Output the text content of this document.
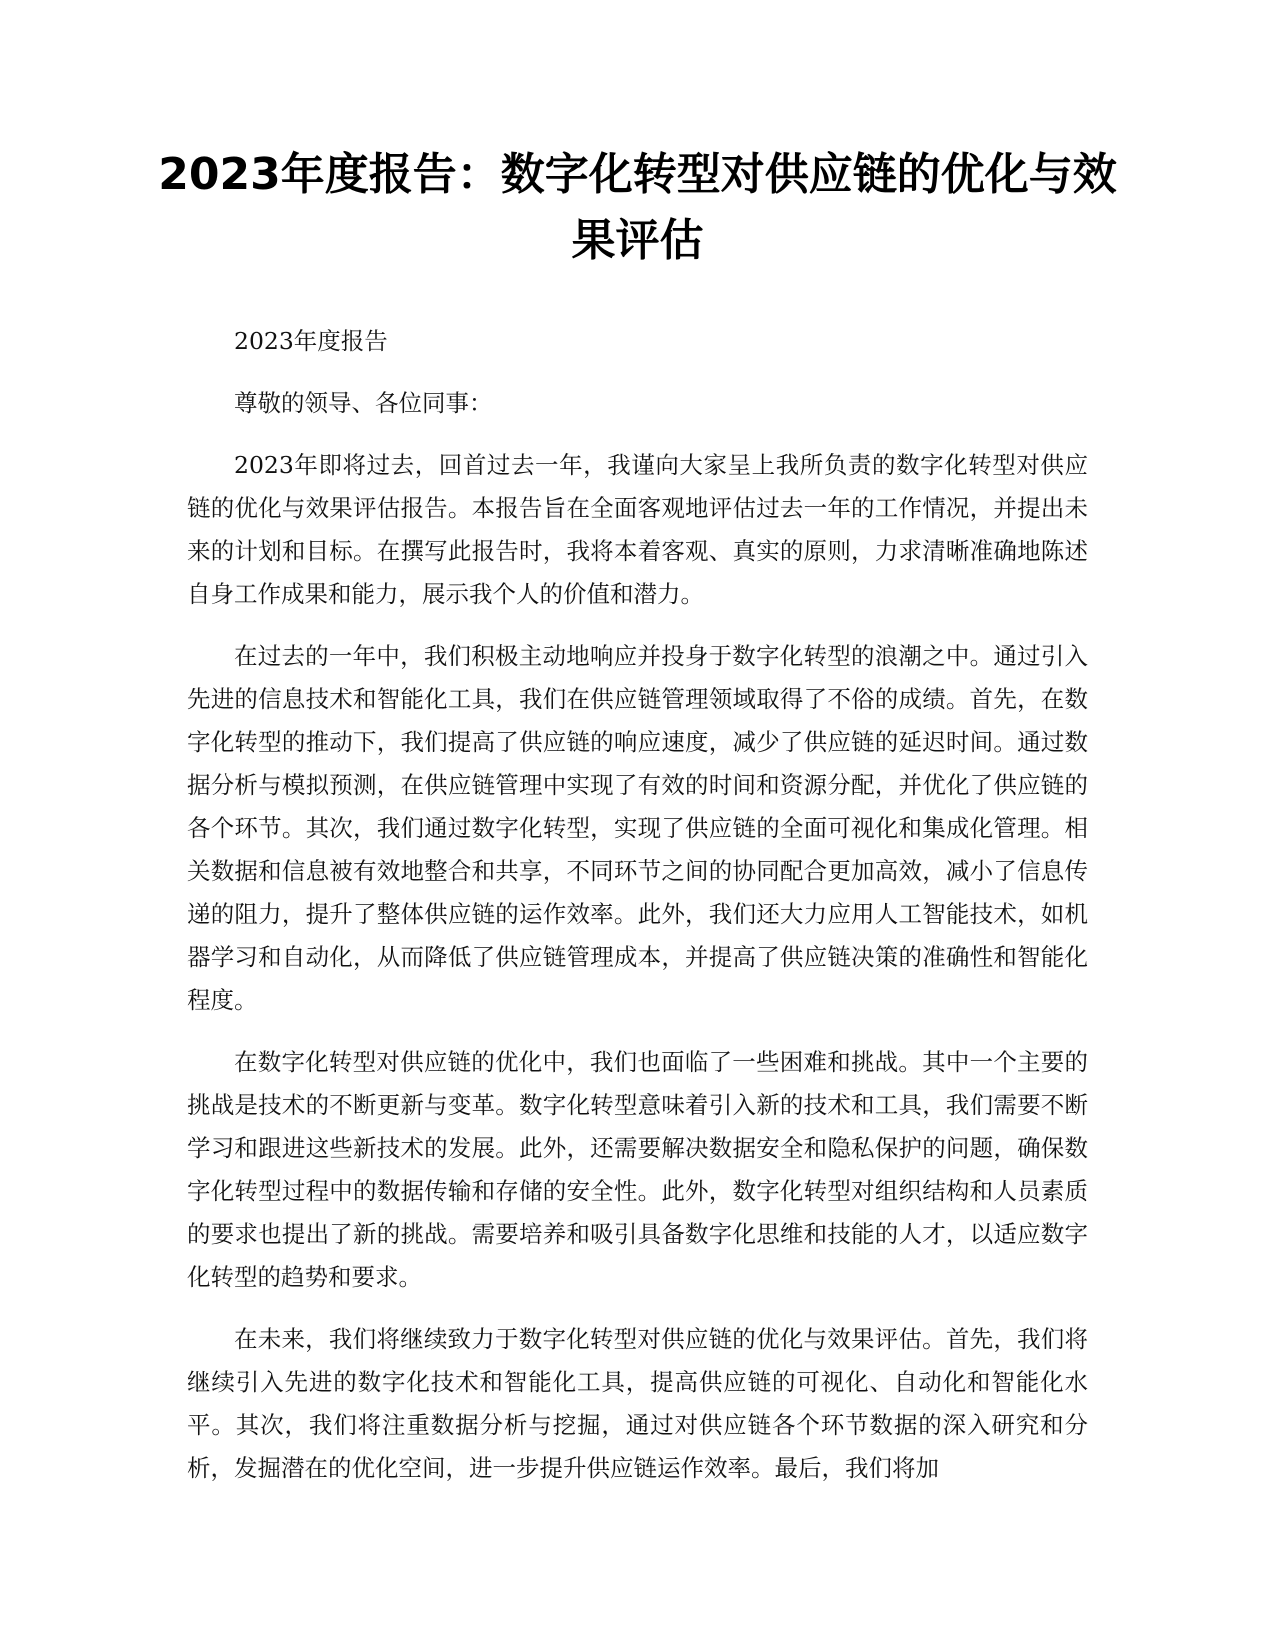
2023年度报告：数字化转型对供应链的优化与效果评估

2023年度报告

尊敬的领导、各位同事：

2023年即将过去，回首过去一年，我谨向大家呈上我所负责的数字化转型对供应链的优化与效果评估报告。本报告旨在全面客观地评估过去一年的工作情况，并提出未来的计划和目标。在撰写此报告时，我将本着客观、真实的原则，力求清晰准确地陈述自身工作成果和能力，展示我个人的价值和潜力。

在过去的一年中，我们积极主动地响应并投身于数字化转型的浪潮之中。通过引入先进的信息技术和智能化工具，我们在供应链管理领域取得了不俗的成绩。首先，在数字化转型的推动下，我们提高了供应链的响应速度，减少了供应链的延迟时间。通过数据分析与模拟预测，在供应链管理中实现了有效的时间和资源分配，并优化了供应链的各个环节。其次，我们通过数字化转型，实现了供应链的全面可视化和集成化管理。相关数据和信息被有效地整合和共享，不同环节之间的协同配合更加高效，减小了信息传递的阻力，提升了整体供应链的运作效率。此外，我们还大力应用人工智能技术，如机器学习和自动化，从而降低了供应链管理成本，并提高了供应链决策的准确性和智能化程度。

在数字化转型对供应链的优化中，我们也面临了一些困难和挑战。其中一个主要的挑战是技术的不断更新与变革。数字化转型意味着引入新的技术和工具，我们需要不断学习和跟进这些新技术的发展。此外，还需要解决数据安全和隐私保护的问题，确保数字化转型过程中的数据传输和存储的安全性。此外，数字化转型对组织结构和人员素质的要求也提出了新的挑战。需要培养和吸引具备数字化思维和技能的人才，以适应数字化转型的趋势和要求。

在未来，我们将继续致力于数字化转型对供应链的优化与效果评估。首先，我们将继续引入先进的数字化技术和智能化工具，提高供应链的可视化、自动化和智能化水平。其次，我们将注重数据分析与挖掘，通过对供应链各个环节数据的深入研究和分析，发掘潜在的优化空间，进一步提升供应链运作效率。最后，我们将加
